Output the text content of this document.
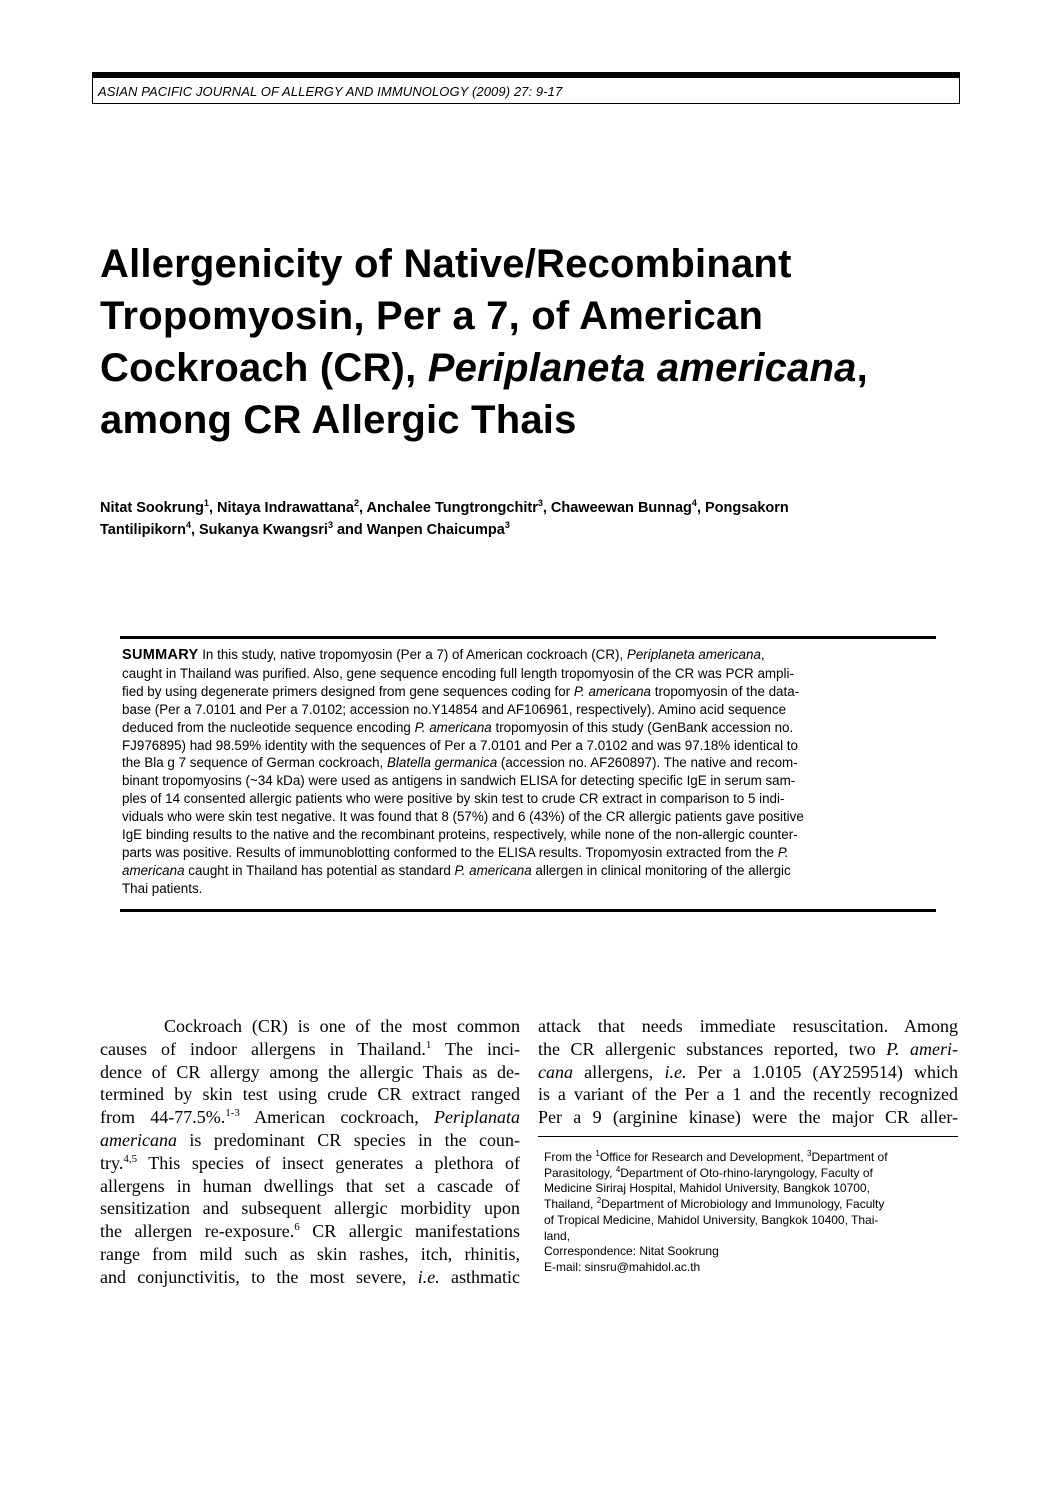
ASIAN PACIFIC JOURNAL OF ALLERGY AND IMMUNOLOGY (2009) 27: 9-17
Allergenicity of Native/Recombinant
Tropomyosin, Per a 7, of American
Cockroach (CR), Periplaneta americana,
among CR Allergic Thais
Nitat Sookrung$^1$, Nitaya Indrawattana$^2$, Anchalee Tungtrongchitr$^3$, Chaweewan Bunnag$^4$, Pongsakorn
Tantilipikorn$^4$, Sukanya Kwangsri$^3$ and Wanpen Chaicumpa$^3$
SUMMARY In this study, native tropomyosin (Per a 7) of American cockroach (CR), Periplaneta americana,
caught in Thailand was purified. Also, gene sequence encoding full length tropomyosin of the CR was PCR ampli-
fied by using degenerate primers designed from gene sequences coding for P. americana tropomyosin of the data-
base (Per a 7.0101 and Per a 7.0102; accession no.Y14854 and AF106961, respectively). Amino acid sequence
deduced from the nucleotide sequence encoding P. americana tropomyosin of this study (GenBank accession no.
FJ976895) had 98.59% identity with the sequences of Per a 7.0101 and Per a 7.0102 and was 97.18% identical to
the Bla g 7 sequence of German cockroach, Blatella germanica (accession no. AF260897). The native and recom-
binant tropomyosins (~34 kDa) were used as antigens in sandwich ELISA for detecting specific IgE in serum sam-
ples of 14 consented allergic patients who were positive by skin test to crude CR extract in comparison to 5 indi-
viduals who were skin test negative. It was found that 8 (57%) and 6 (43%) of the CR allergic patients gave positive
IgE binding results to the native and the recombinant proteins, respectively, while none of the non-allergic counter-
parts was positive. Results of immunoblotting conformed to the ELISA results. Tropomyosin extracted from the P.
americana caught in Thailand has potential as standard P. americana allergen in clinical monitoring of the allergic
Thai patients.
Cockroach (CR) is one of the most common
causes of indoor allergens in Thailand.$^1$ The inci-
dence of CR allergy among the allergic Thais as de-
termined by skin test using crude CR extract ranged
from 44-77.5%.$^{1-3}$ American cockroach, Periplanata
americana is predominant CR species in the coun-
try.$^{4,5}$ This species of insect generates a plethora of
allergens in human dwellings that set a cascade of
sensitization and subsequent allergic morbidity upon
the allergen re-exposure.$^6$ CR allergic manifestations
range from mild such as skin rashes, itch, rhinitis,
and conjunctivitis, to the most severe, i.e. asthmatic
attack that needs immediate resuscitation. Among
the CR allergenic substances reported, two P. ameri-
cana allergens, i.e. Per a 1.0105 (AY259514) which
is a variant of the Per a 1 and the recently recognized
Per a 9 (arginine kinase) were the major CR aller-
From the $^1$Office for Research and Development, $^3$Department of
Parasitology, $^4$Department of Oto-rhino-laryngology, Faculty of
Medicine Siriraj Hospital, Mahidol University, Bangkok 10700,
Thailand, $^2$Department of Microbiology and Immunology, Faculty
of Tropical Medicine, Mahidol University, Bangkok 10400, Thai-
land,
Correspondence: Nitat Sookrung
E-mail: sinsru@mahidol.ac.th
